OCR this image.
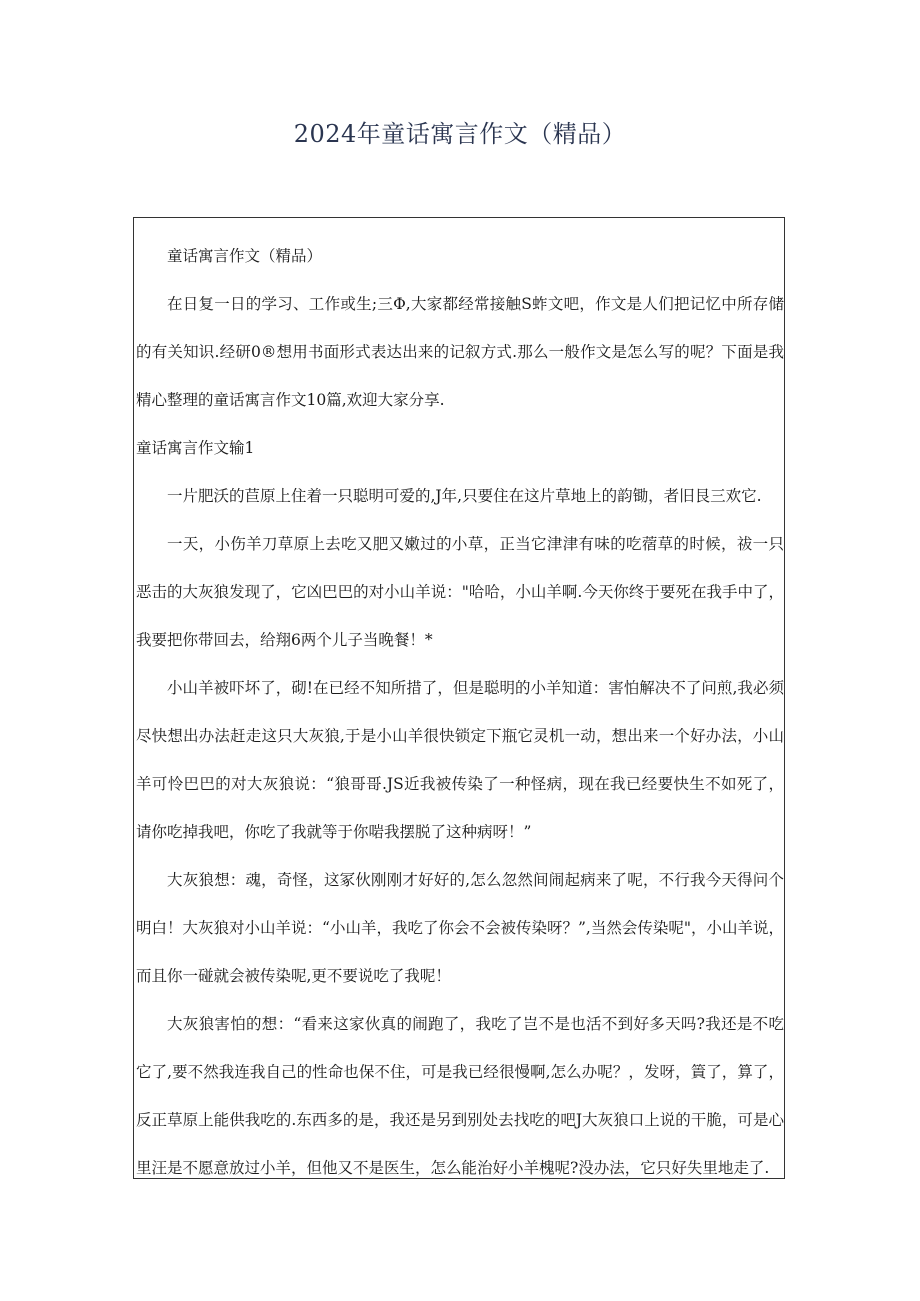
2024年童话寓言作文（精品）

童话寓言作文（精品）

在日复一日的学习、工作或生;三Φ,大家都经常接触S蚱文吧，作文是人们把记忆中所存储的有关知识.经研0®想用书面形式表达出来的记叙方式.那么一般作文是怎么写的呢？下面是我精心整理的童话寓言作文10篇,欢迎大家分享.

童话寓言作文输1

一片肥沃的苣原上住着一只聪明可爱的,J年,只要住在这片草地上的韵锄，者旧艮三欢它.

一天，小伤羊刀草原上去吃又肥又嫩过的小草，正当它津津有味的吃蓿草的时候，祓一只恶击的大灰狼发现了，它凶巴巴的对小山羊说："哈哈，小山羊啊.今天你终于要死在我手中了，我要把你带回去，给翔6两个儿子当晚餐！*

小山羊被吓坏了，砌!在已经不知所措了，但是聪明的小羊知道：害怕解决不了问煎,我必须尽快想出办法赶走这只大灰狼,于是小山羊很快锁定下瓶它灵机一动，想出来一个好办法，小山羊可怜巴巴的对大灰狼说：“狼哥哥.JS近我被传染了一种怪病，现在我已经要快生不如死了，请你吃掉我吧，你吃了我就等于你啱我摆脱了这种病呀！”

大灰狼想：魂，奇怪，这冢伙刚刚才好好的,怎么忽然间闹起病来了呢，不行我今天得问个明白！大灰狼对小山羊说：“小山羊，我吃了你会不会被传染呀？”,当然会传染呢"，小山羊说，而且你一碰就会被传染呢,更不要说吃了我呢！

大灰狼害怕的想：“看来这家伙真的闹跑了，我吃了岂不是也活不到好多天吗?我还是不吃它了,要不然我连我自己的性命也保不住，可是我已经很慢啊,怎么办呢？，发呀，篢了，算了，反正草原上能供我吃的.东西多的是，我还是另到别处去找吃的吧J大灰狼口上说的干脆，可是心里汪是不愿意放过小羊，但他又不是医生，怎么能治好小羊槐呢?没办法，它只好失里地走了.
